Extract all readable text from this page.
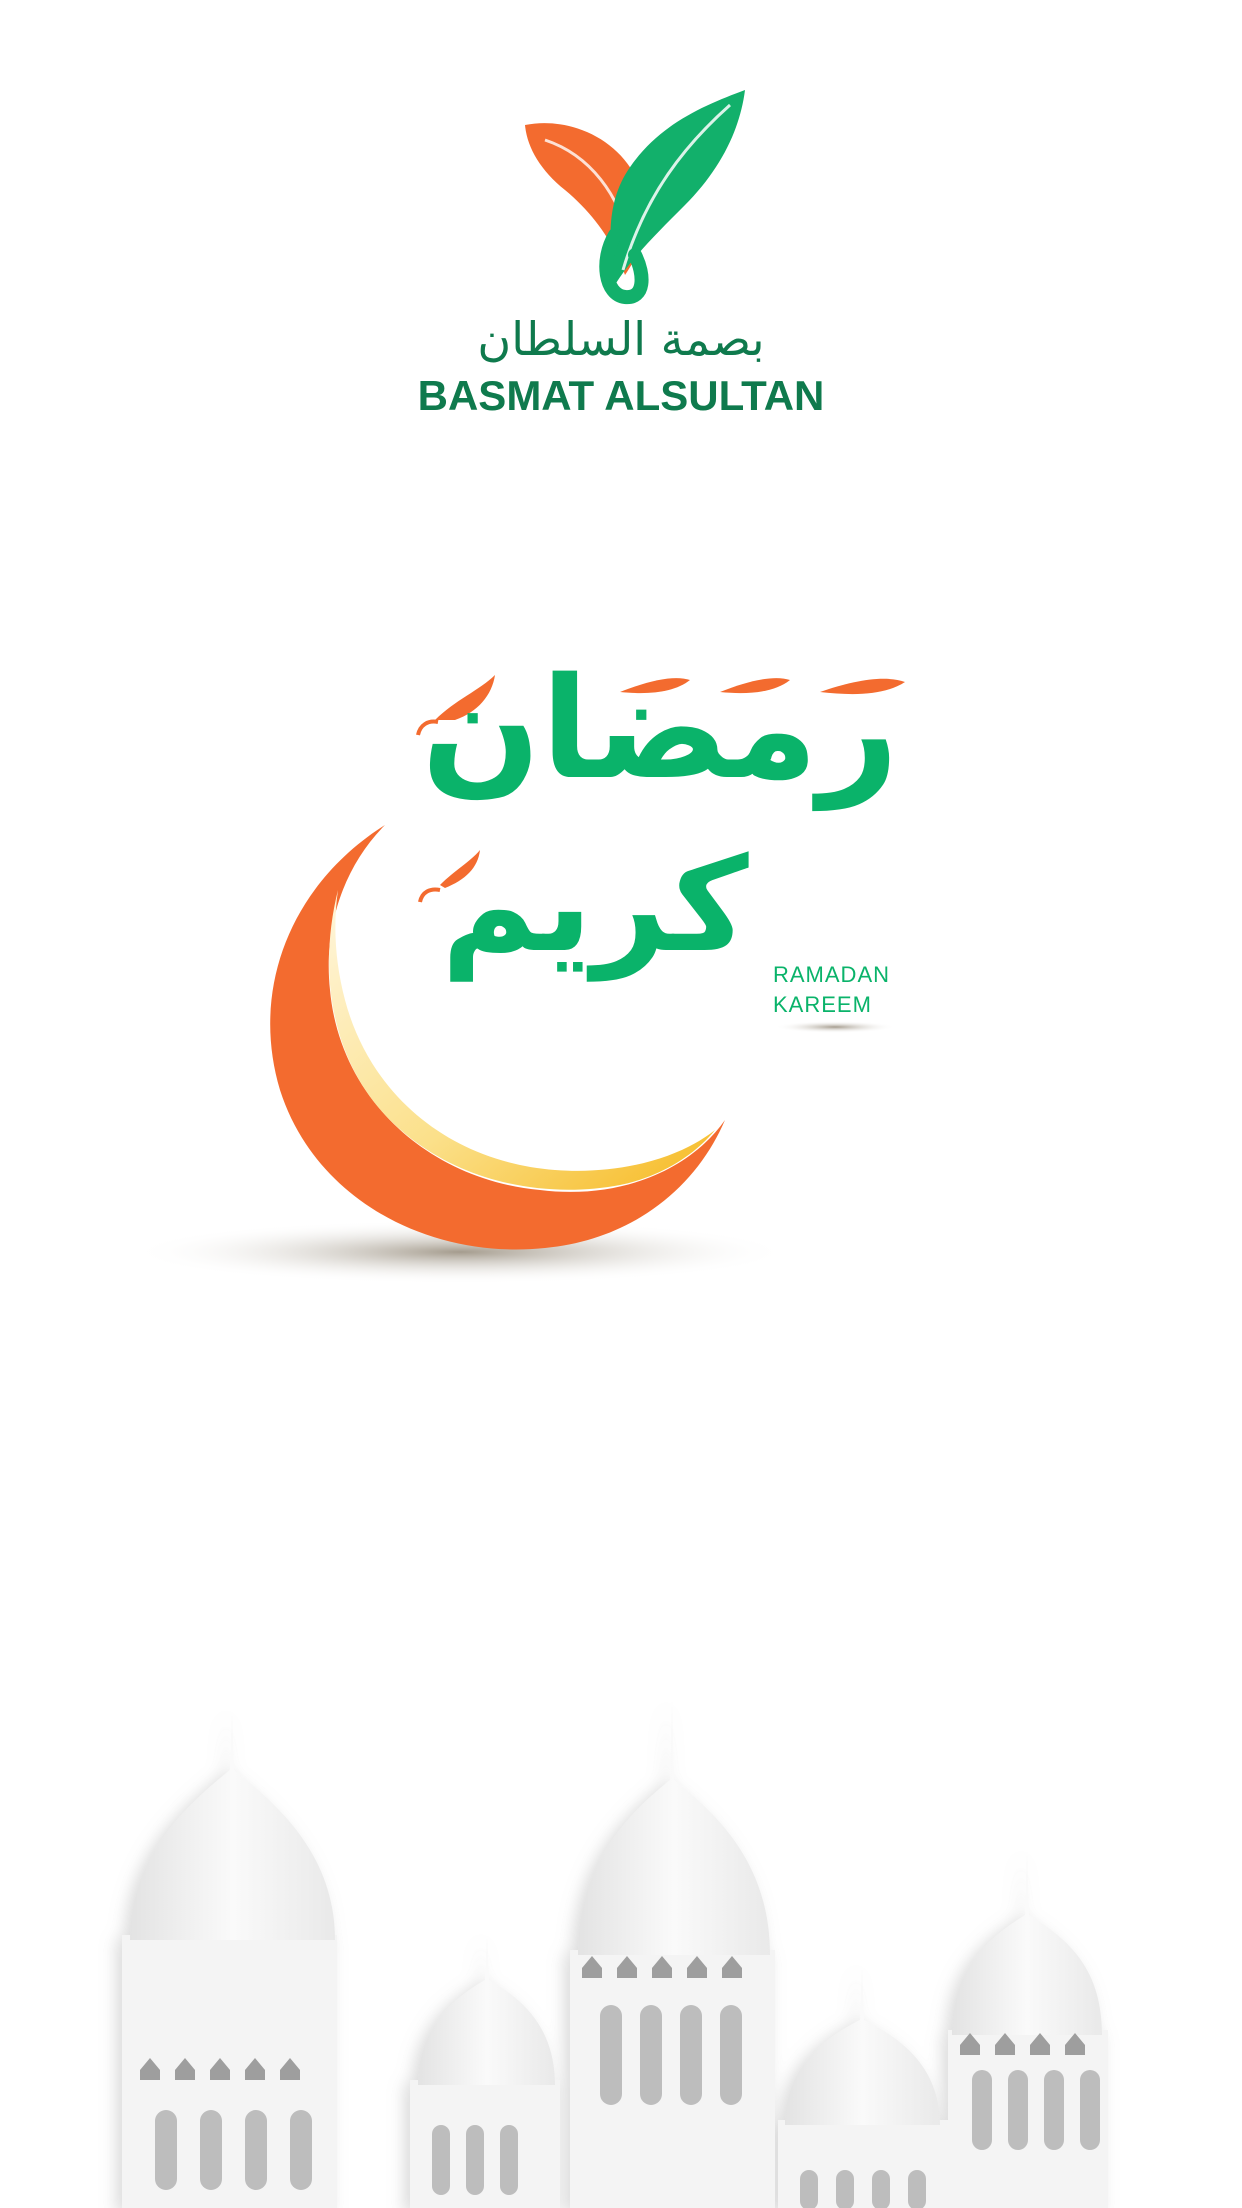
بصمة السلطان
BASMAT ALSULTAN
رمضان
كريم	RAMADAN
KAREEM
